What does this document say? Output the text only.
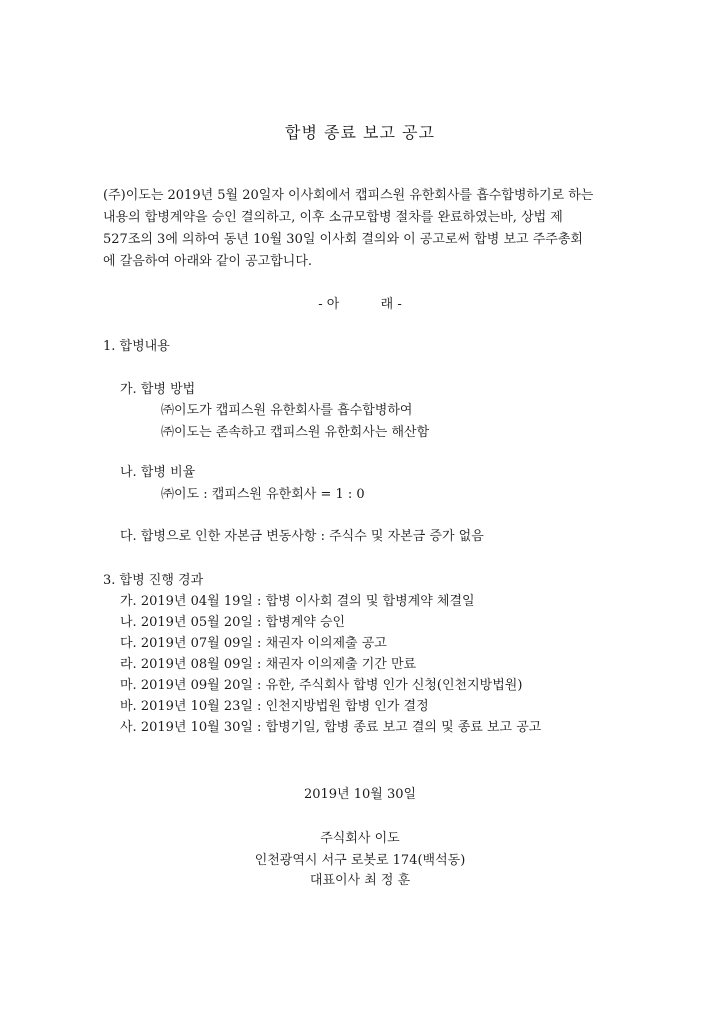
합병 종료 보고 공고
(주)이도는 2019년 5월 20일자 이사회에서 캡피스원 유한회사를 흡수합병하기로 하는
내용의 합병계약을 승인 결의하고, 이후 소규모합병 절차를 완료하였는바, 상법 제
527조의 3에 의하여 동년 10월 30일 이사회 결의와 이 공고로써 합병 보고 주주총회
에 갈음하여 아래와 같이 공고합니다.
- 아          래 -
1. 합병내용
가. 합병 방법
㈜이도가 캡피스원 유한회사를 흡수합병하여
㈜이도는 존속하고 캡피스원 유한회사는 해산함
나. 합병 비율
㈜이도 : 캡피스원 유한회사 = 1 : 0
다. 합병으로 인한 자본금 변동사항 : 주식수 및 자본금 증가 없음
3. 합병 진행 경과
가. 2019년 04월 19일 : 합병 이사회 결의 및 합병계약 체결일
나. 2019년 05월 20일 : 합병계약 승인
다. 2019년 07월 09일 : 채권자 이의제출 공고
라. 2019년 08월 09일 : 채권자 이의제출 기간 만료
마. 2019년 09월 20일 : 유한, 주식회사 합병 인가 신청(인천지방법원)
바. 2019년 10월 23일 : 인천지방법원 합병 인가 결정
사. 2019년 10월 30일 : 합병기일, 합병 종료 보고 결의 및 종료 보고 공고
2019년 10월 30일
주식회사 이도
인천광역시 서구 로봇로 174(백석동)
대표이사 최 정 훈
